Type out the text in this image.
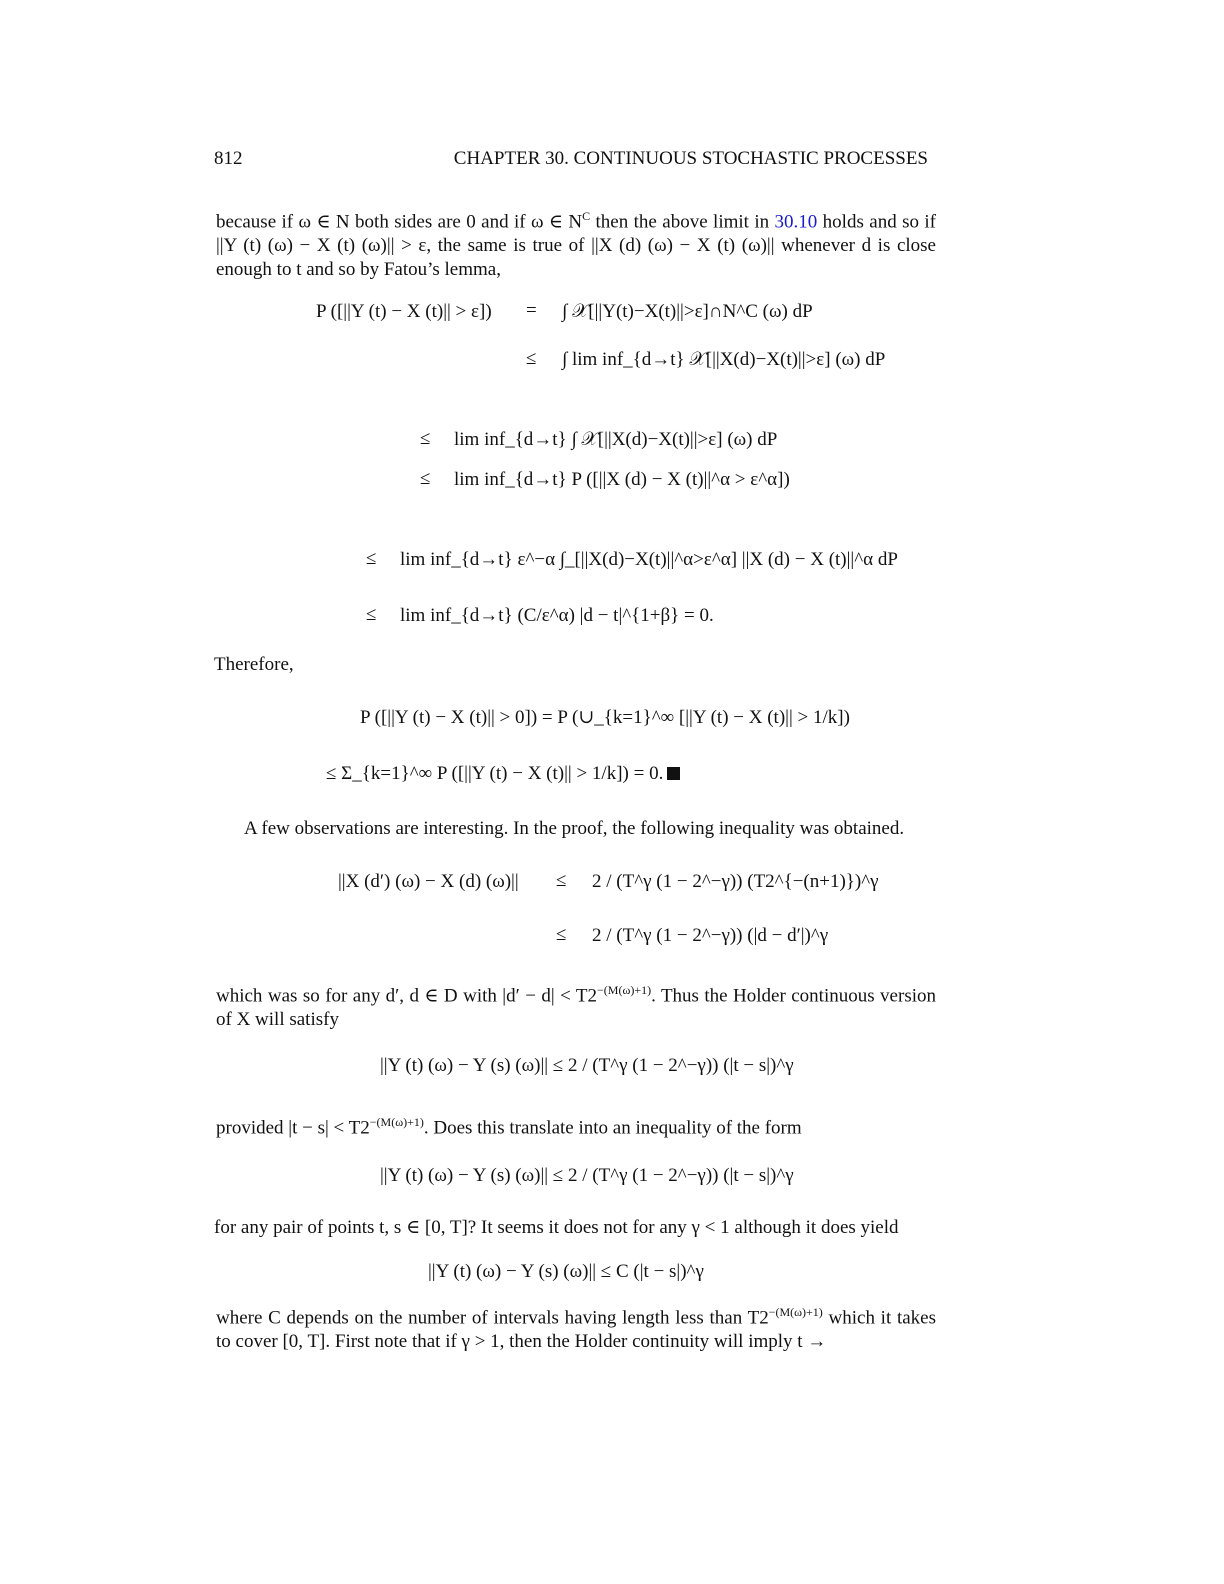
812	CHAPTER 30. CONTINUOUS STOCHASTIC PROCESSES
because if ω ∈ N both sides are 0 and if ω ∈ $N^C$ then the above limit in 30.10 holds and so if ||Y (t) (ω) − X (t) (ω)|| > ε, the same is true of ||X (d) (ω) − X (t) (ω)|| whenever d is close enough to t and so by Fatou’s lemma,
P ([||Y (t) − X (t)|| > ε]) = ∫ 𝒳[||Y(t)−X(t)||>ε]∩N^C (ω) dP
≤ ∫ lim inf_{d→t} 𝒳[||X(d)−X(t)||>ε] (ω) dP
≤ lim inf_{d→t} ∫ 𝒳[||X(d)−X(t)||>ε] (ω) dP
≤ lim inf_{d→t} P ([||X (d) − X (t)||^α > ε^α])
≤ lim inf_{d→t} ε^−α ∫_[||X(d)−X(t)||^α>ε^α] ||X (d) − X (t)||^α dP
≤ lim inf_{d→t} (C/ε^α) |d − t|^{1+β} = 0.
Therefore,
P ([||Y (t) − X (t)|| > 0]) = P (∪_{k=1}^∞ [||Y (t) − X (t)|| > 1/k])
≤ Σ_{k=1}^∞ P ([||Y (t) − X (t)|| > 1/k]) = 0.
A few observations are interesting. In the proof, the following inequality was obtained.
||X (d′) (ω) − X (d) (ω)|| ≤ 2 / (T^γ (1 − 2^−γ)) (T2^{−(n+1)})^γ
≤ 2 / (T^γ (1 − 2^−γ)) (|d − d′|)^γ
which was so for any d′, d ∈ D with $|d' - d| < T2^{-(M(\omega)+1)}$. Thus the Holder continuous version of X will satisfy
||Y (t) (ω) − Y (s) (ω)|| ≤ 2 / (T^γ (1 − 2^−γ)) (|t − s|)^γ
provided $|t - s| < T2^{-(M(\omega)+1)}$. Does this translate into an inequality of the form
||Y (t) (ω) − Y (s) (ω)|| ≤ 2 / (T^γ (1 − 2^−γ)) (|t − s|)^γ
for any pair of points t, s ∈ [0, T]? It seems it does not for any γ < 1 although it does yield
||Y (t) (ω) − Y (s) (ω)|| ≤ C (|t − s|)^γ
where C depends on the number of intervals having length less than $T2^{-(M(\omega)+1)}$ which it takes to cover [0, T]. First note that if γ > 1, then the Holder continuity will imply t →
